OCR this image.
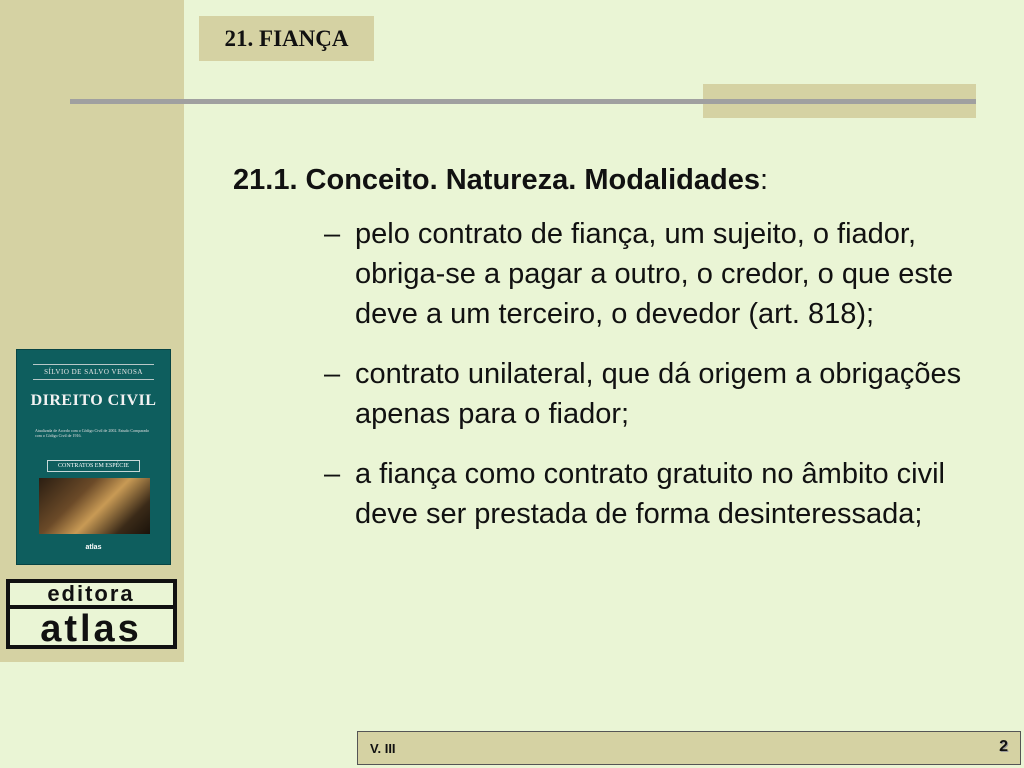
21. FIANÇA

21.1. Conceito. Natureza. Modalidades:

– pelo contrato de fiança, um sujeito, o fiador, obriga-se a pagar a outro, o credor, o que este deve a um terceiro, o devedor (art. 818);
– contrato unilateral, que dá origem a obrigações apenas para o fiador;
– a fiança como contrato gratuito no âmbito civil deve ser prestada de forma desinteressada;
SÍLVIO DE SALVO VENOSA
DIREITO CIVIL
Atualizada de Acordo com o Código Civil de 2002. Estudo Comparado com o Código Civil de 1916.
CONTRATOS EM ESPÉCIE
atlas
editora
atlas
V. III	2
